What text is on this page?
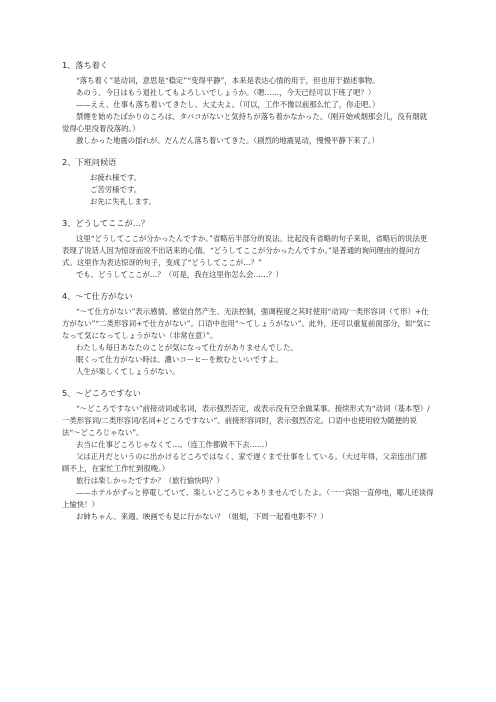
1、落ち着く

“落ち着く”是动词，意思是“稳定”“变得平静”，本来是表达心情的用于，但也用于描述事物。

あのう、今日はもう退社してもよろしいでしょうか。（嗯……，今天已经可以下班了吧？）

——ええ、仕事も落ち着いてきたし、大丈夫よ。（可以，工作不像以前那么忙了，你走吧。）

禁煙を始めたばかりのころは、タバコがないと気持ちが落ち着かなかった。（刚开始戒烟那会儿，没有烟就觉得心里没着没落的。）

激しかった地震の揺れが、だんだん落ち着いてきた。（剧烈的地震晃动，慢慢平静下来了。）

2、下班问候语

お疲れ様です。

ご苦労様です。

お先に失礼します。

3、どうしてここが…？

这里“どうしてここが分かったんですか。”省略后半部分的说法。比起没有省略的句子来说，省略后的说法更表现了说话人因为惊讶而说不出话来的心情。“どうしてここが分かったんですか。”是普通的询问理由的提问方式。这里作为表达惊讶的句子，变成了“どうしてここが…？”

でも、どうしてここが…？（可是，我在这里你怎么会……？）

4、～て仕方がない

“～て仕方がない”表示感情、感觉自然产生、无法控制，强调程度之其时使用“动词/一类形容词（て形）+仕方がない”“二类形容词+で仕方がない”。口语中也用“～てしょうがない”。此外，还可以重复前面部分，如“気になって気になってしょうがない（非常在意）”。

わたしも毎日あなたのことが気になって仕方がありませんでした。

眠くって仕方がない時は、濃いコーヒーを飲むといいですよ。

人生が楽しくてしょうがない。

5、～どころですない

“～どころですない”前接动词或名词，表示强烈否定，或表示没有空余做某事。接续形式为“动词（基本型）/一类形容词/二类形容词/名词+どころですない”。前接形容词时，表示强烈否定。口语中也使用较为随便的说法“～どころじゃない”。

去当に仕事どころじゃなくて…。（连工作都做不下去……）

父は正月だというのに出かけるどころではなく、家で遅くまで仕事をしている。（大过年得，父亲连出门都顾不上，在家忙工作忙到很晚。）

旅行は楽しかったですか？（旅行愉快吗？）

——ホテルがずっと停電していて、楽しいどころじゃありませんでしたよ。（一一宾馆一直停电，哪儿还谈得上愉快！）

お姉ちゃん、来週、映画でも見に行かない？（姐姐，下周一起看电影不？）
